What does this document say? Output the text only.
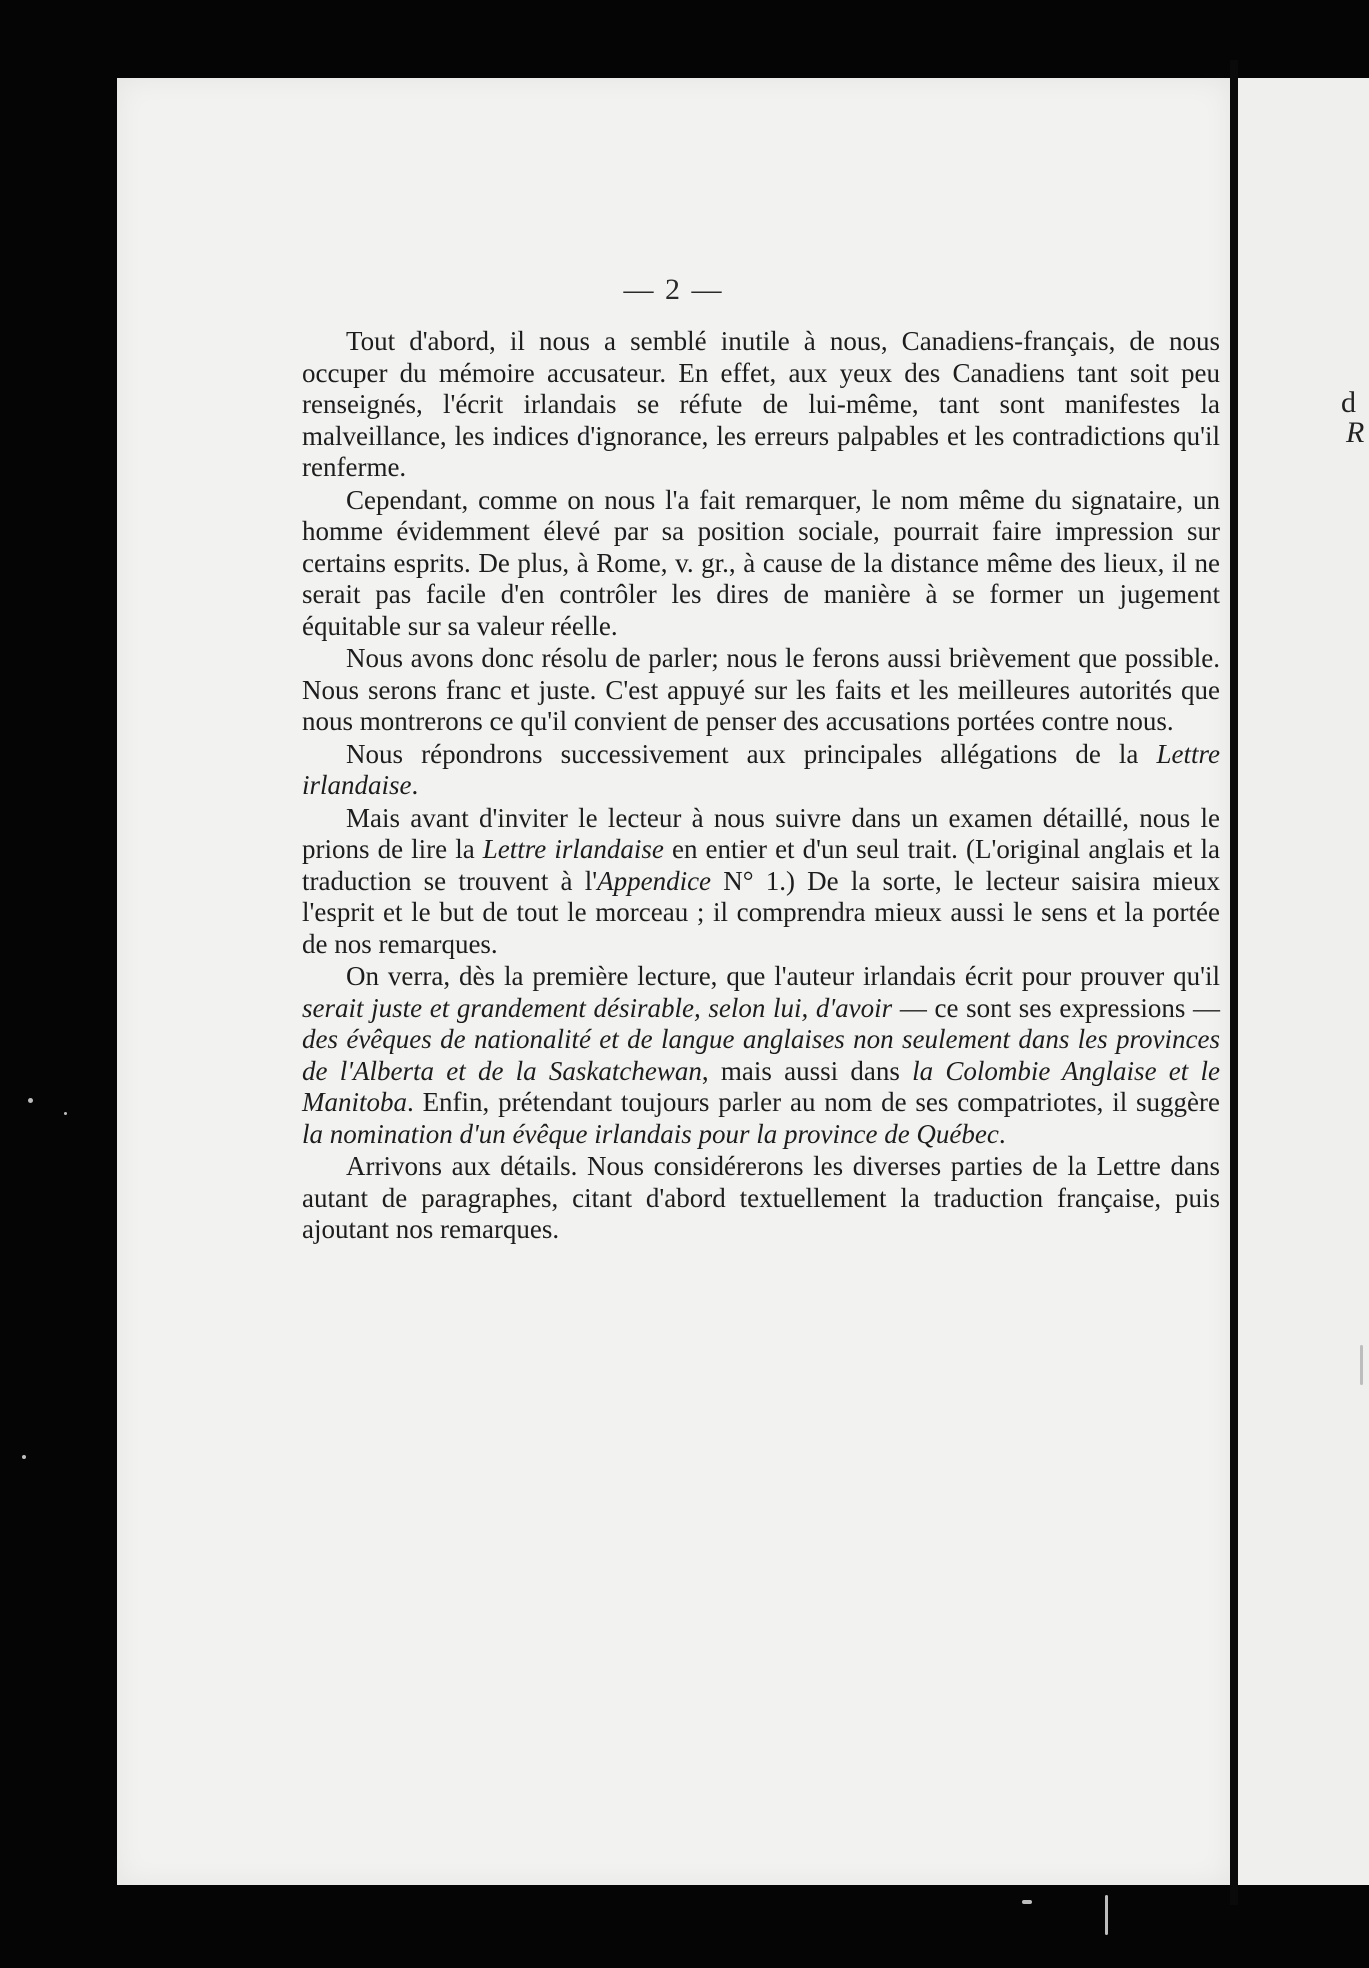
— 2 —

Tout d'abord, il nous a semblé inutile à nous, Canadiens-français, de nous occuper du mémoire accusateur. En effet, aux yeux des Canadiens tant soit peu renseignés, l'écrit irlandais se réfute de lui-même, tant sont manifestes la malveillance, les indices d'ignorance, les erreurs palpables et les contradictions qu'il renferme.

Cependant, comme on nous l'a fait remarquer, le nom même du signataire, un homme évidemment élevé par sa position sociale, pourrait faire impression sur certains esprits. De plus, à Rome, v. gr., à cause de la distance même des lieux, il ne serait pas facile d'en contrôler les dires de manière à se former un jugement équitable sur sa valeur réelle.

Nous avons donc résolu de parler; nous le ferons aussi brièvement que possible. Nous serons franc et juste. C'est appuyé sur les faits et les meilleures autorités que nous montrerons ce qu'il convient de penser des accusations portées contre nous.

Nous répondrons successivement aux principales allégations de la Lettre irlandaise.

Mais avant d'inviter le lecteur à nous suivre dans un examen détaillé, nous le prions de lire la Lettre irlandaise en entier et d'un seul trait. (L'original anglais et la traduction se trouvent à l'Appendice N° 1.) De la sorte, le lecteur saisira mieux l'esprit et le but de tout le morceau ; il comprendra mieux aussi le sens et la portée de nos remarques.

On verra, dès la première lecture, que l'auteur irlandais écrit pour prouver qu'il serait juste et grandement désirable, selon lui, d'avoir — ce sont ses expressions — des évêques de nationalité et de langue anglaises non seulement dans les provinces de l'Alberta et de la Saskatchewan, mais aussi dans la Colombie Anglaise et le Manitoba. Enfin, prétendant toujours parler au nom de ses compatriotes, il suggère la nomination d'un évêque irlandais pour la province de Québec.

Arrivons aux détails. Nous considérerons les diverses parties de la Lettre dans autant de paragraphes, citant d'abord textuellement la traduction française, puis ajoutant nos remarques.

d
R
